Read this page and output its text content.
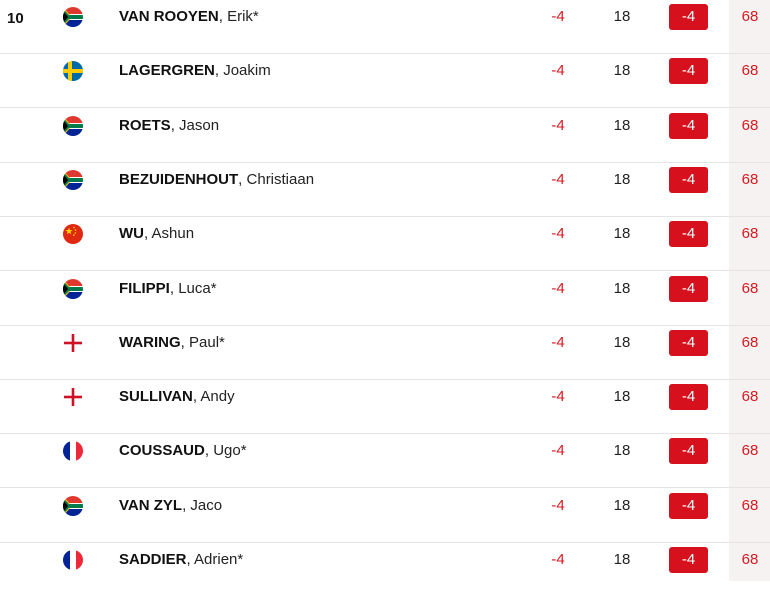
10	VAN ROOYEN, Erik*	-4	18	-4	68
LAGERGREN, Joakim	-4	18	-4	68
ROETS, Jason	-4	18	-4	68
BEZUIDENHOUT, Christiaan	-4	18	-4	68
WU, Ashun	-4	18	-4	68
FILIPPI, Luca*	-4	18	-4	68
WARING, Paul*	-4	18	-4	68
SULLIVAN, Andy	-4	18	-4	68
COUSSAUD, Ugo*	-4	18	-4	68
VAN ZYL, Jaco	-4	18	-4	68
SADDIER, Adrien*	-4	18	-4	68
